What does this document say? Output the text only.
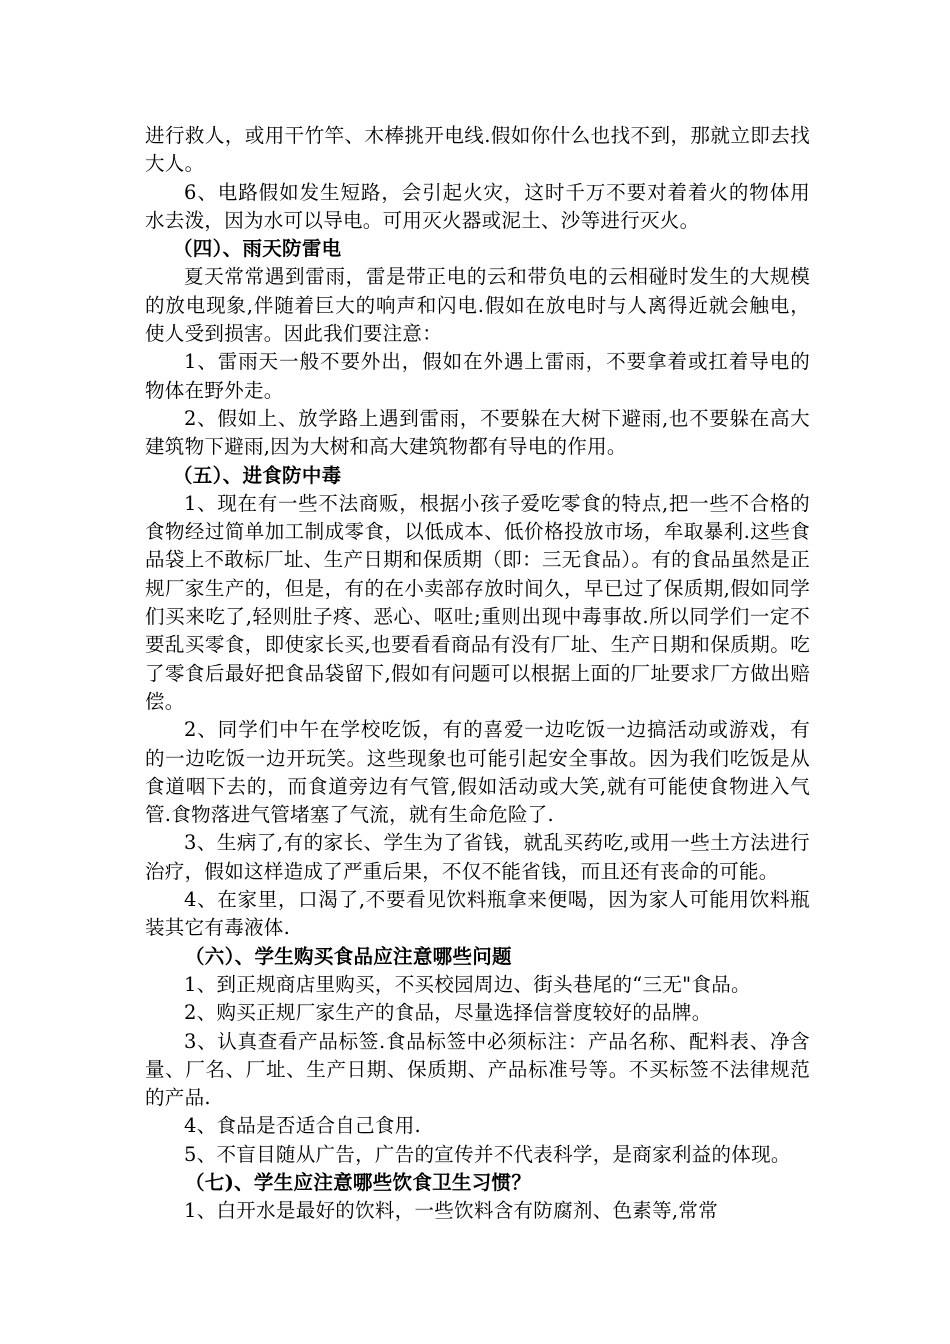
进行救人，或用干竹竿、木棒挑开电线.假如你什么也找不到，那就立即去找大人。

6、电路假如发生短路，会引起火灾，这时千万不要对着着火的物体用水去泼，因为水可以导电。可用灭火器或泥土、沙等进行灭火。

（四）、雨天防雷电

夏天常常遇到雷雨，雷是带正电的云和带负电的云相碰时发生的大规模的放电现象,伴随着巨大的响声和闪电.假如在放电时与人离得近就会触电，使人受到损害。因此我们要注意：

1、雷雨天一般不要外出，假如在外遇上雷雨，不要拿着或扛着导电的物体在野外走。

2、假如上、放学路上遇到雷雨，不要躲在大树下避雨,也不要躲在高大建筑物下避雨,因为大树和高大建筑物都有导电的作用。

（五）、进食防中毒

1、现在有一些不法商贩，根据小孩子爱吃零食的特点,把一些不合格的食物经过简单加工制成零食，以低成本、低价格投放市场，牟取暴利.这些食品袋上不敢标厂址、生产日期和保质期（即：三无食品）。有的食品虽然是正规厂家生产的，但是，有的在小卖部存放时间久，早已过了保质期,假如同学们买来吃了,轻则肚子疼、恶心、呕吐;重则出现中毒事故.所以同学们一定不要乱买零食，即使家长买,也要看看商品有没有厂址、生产日期和保质期。吃了零食后最好把食品袋留下,假如有问题可以根据上面的厂址要求厂方做出赔偿。

2、同学们中午在学校吃饭，有的喜爱一边吃饭一边搞活动或游戏，有的一边吃饭一边开玩笑。这些现象也可能引起安全事故。因为我们吃饭是从食道咽下去的，而食道旁边有气管,假如活动或大笑,就有可能使食物进入气管.食物落进气管堵塞了气流，就有生命危险了.

3、生病了,有的家长、学生为了省钱，就乱买药吃,或用一些土方法进行治疗，假如这样造成了严重后果，不仅不能省钱，而且还有丧命的可能。

4、在家里，口渴了,不要看见饮料瓶拿来便喝，因为家人可能用饮料瓶装其它有毒液体.

（六）、学生购买食品应注意哪些问题

1、到正规商店里购买，不买校园周边、街头巷尾的“三无"食品。

2、购买正规厂家生产的食品，尽量选择信誉度较好的品牌。

3、认真查看产品标签.食品标签中必须标注：产品名称、配料表、净含量、厂名、厂址、生产日期、保质期、产品标准号等。不买标签不法律规范的产品.

4、食品是否适合自己食用.

5、不盲目随从广告，广告的宣传并不代表科学，是商家利益的体现。

（七)、学生应注意哪些饮食卫生习惯？

1、白开水是最好的饮料，一些饮料含有防腐剂、色素等,常常
